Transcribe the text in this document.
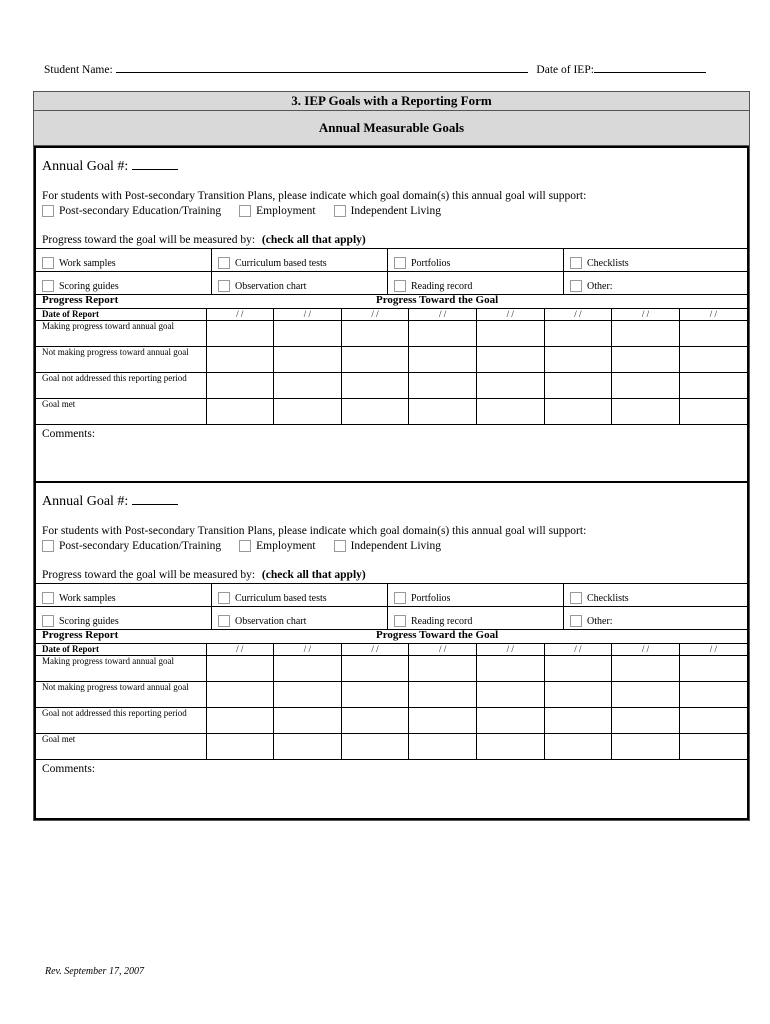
Student Name:	Date of IEP:
3. IEP Goals with a Reporting Form
Annual Measurable Goals
Annual Goal #:
For students with Post-secondary Transition Plans, please indicate which goal domain(s) this annual goal will support:
Post-secondary Education/Training	Employment	Independent Living
Progress toward the goal will be measured by: (check all that apply)
Work samples	Curriculum based tests	Portfolios	Checklists
Scoring guides	Observation chart	Reading record	Other:
Progress Report	Progress Toward the Goal
Date of Report	/ /	/ /	/ /	/ /	/ /	/ /	/ /	/ /
Making progress toward annual goal								
Not making progress toward annual goal								
Goal not addressed this reporting period								
Goal met								
Comments:
Annual Goal #:
For students with Post-secondary Transition Plans, please indicate which goal domain(s) this annual goal will support:
Post-secondary Education/Training	Employment	Independent Living
Progress toward the goal will be measured by: (check all that apply)
Work samples	Curriculum based tests	Portfolios	Checklists
Scoring guides	Observation chart	Reading record	Other:
Progress Report	Progress Toward the Goal
Date of Report	/ /	/ /	/ /	/ /	/ /	/ /	/ /	/ /
Making progress toward annual goal								
Not making progress toward annual goal								
Goal not addressed this reporting period								
Goal met								
Comments:
Rev. September 17, 2007
